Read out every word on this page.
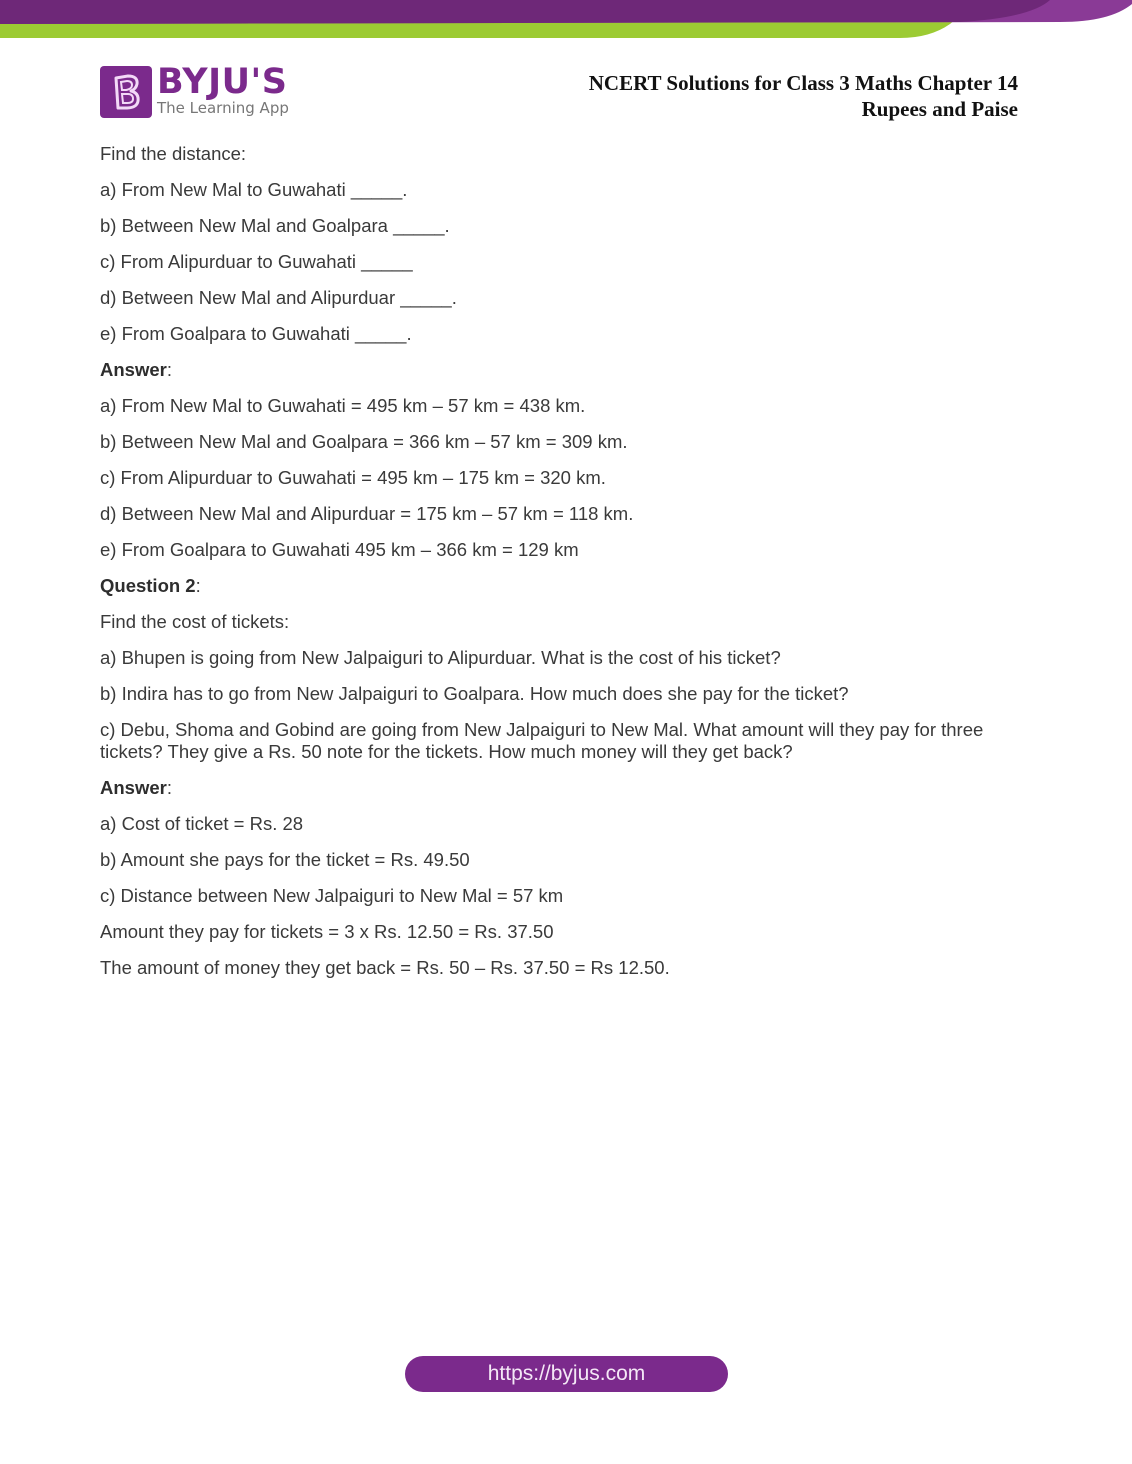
BYJU'S
The Learning App
NCERT Solutions for Class 3 Maths Chapter 14
Rupees and Paise

Find the distance:

a) From New Mal to Guwahati _____.

b) Between New Mal and Goalpara _____.

c) From Alipurduar to Guwahati _____

d) Between New Mal and Alipurduar _____.

e) From Goalpara to Guwahati _____.

Answer:

a) From New Mal to Guwahati = 495 km – 57 km = 438 km.

b) Between New Mal and Goalpara = 366 km – 57 km = 309 km.

c) From Alipurduar to Guwahati = 495 km – 175 km = 320 km.

d) Between New Mal and Alipurduar = 175 km – 57 km = 118 km.

e) From Goalpara to Guwahati 495 km – 366 km = 129 km

Question 2:

Find the cost of tickets:

a) Bhupen is going from New Jalpaiguri to Alipurduar. What is the cost of his ticket?

b) Indira has to go from New Jalpaiguri to Goalpara. How much does she pay for the ticket?

c) Debu, Shoma and Gobind are going from New Jalpaiguri to New Mal. What amount will they pay for three tickets? They give a Rs. 50 note for the tickets. How much money will they get back?

Answer:

a) Cost of ticket = Rs. 28

b) Amount she pays for the ticket = Rs. 49.50

c) Distance between New Jalpaiguri to New Mal = 57 km

Amount they pay for tickets = 3 x Rs. 12.50 = Rs. 37.50

The amount of money they get back = Rs. 50 – Rs. 37.50 = Rs 12.50.

https://byjus.com
